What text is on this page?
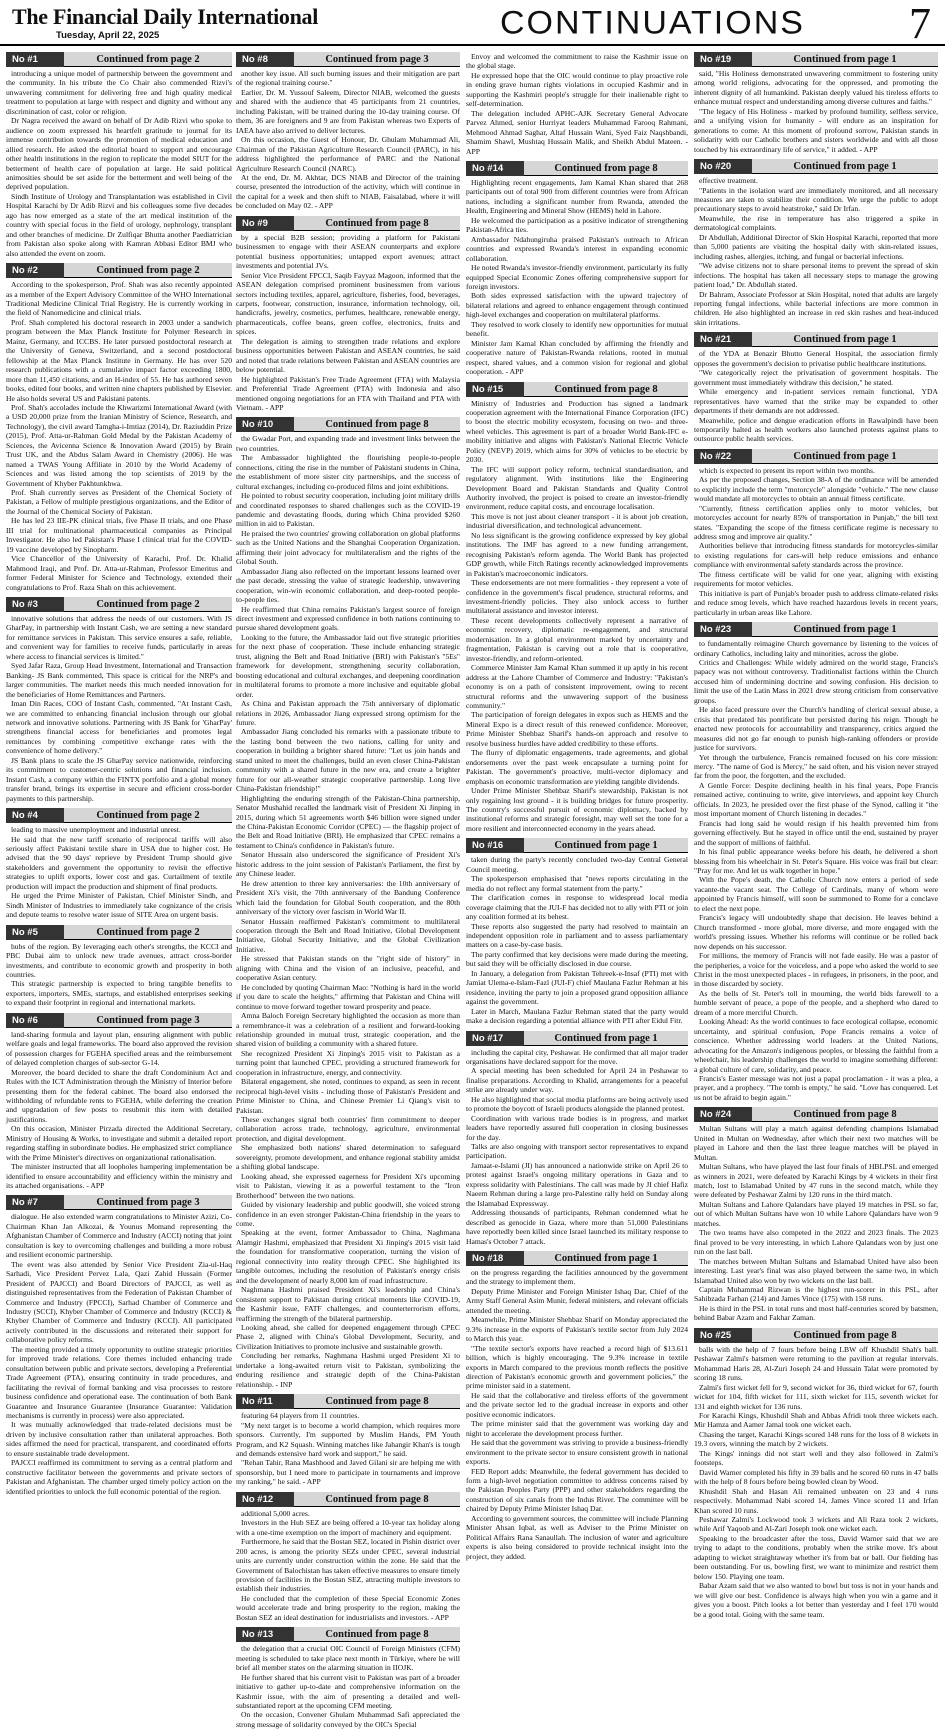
The Financial Daily International
Tuesday, April 22, 2025	CONTINUATIONS 7
No #1	Continued from page 2

introducing a unique model of partnership between the government and the community. In his tribute the Co Chair also commended Rizvi's unwavering commitment for delivering free and high quality medical treatment to population at large with respect and dignity and without any discrimination of cast, color or religion.

Dr Nagra received the award on behalf of Dr Adib Rizvi who spoke to audience on zoom expressed his heartfelt gratitude to journal for its immense contribution towards the promotion of medical education and allied research. He asked the editorial board to support and encourage other health institutions in the region to replicate the model SIUT for the betterment of health care of population at large. He said political animosities should be set aside for the betterment and well being of the deprived population.

Sindh Institute of Urology and Transplantation was established in Civil Hospital Karachi by Dr Adib Rizvi and his colleagues some five decades ago has now emerged as a state of the art medical institution of the country with special focus in the field of urology, nephrology, transplant and other branches of medicine. Dr Zulfiqar Bhutta another Paediatrician from Pakistan also spoke along with Kamran Abbasi Editor BMJ who also attended the event on zoom.

No #2	Continued from page 2

According to the spokesperson, Prof. Shah was also recently appointed as a member of the Expert Advisory Committee of the WHO International Traditional Medicine Clinical Trial Registry. He is currently working in the field of Nanomedicine and clinical trials.

Prof. Shah completed his doctoral research in 2003 under a sandwich program between the Max Planck Institute for Polymer Research in Mainz, Germany, and ICCBS. He later pursued postdoctoral research at the University of Geneva, Switzerland, and a second postdoctoral fellowship at the Max Planck Institute in Germany. He has over 520 research publications with a cumulative impact factor exceeding 1800, more than 11,450 citations, and an H-index of 55. He has authored seven books, edited four books, and written nine chapters published by Elsevier. He also holds several US and Pakistani patents.

Prof. Shah's accolades include the Khwarizmi International Award (with a USD 20,000 prize from the Iranian Ministry of Science, Research, and Technology), the civil award Tamgha-i-Imtiaz (2014), Dr. Raziuddin Prize (2015), Prof. Atta-ur-Rahman Gold Medal by the Pakistan Academy of Sciences, the Avicenna Science & Innovation Award (2015) by Brain Trust UK, and the Abdus Salam Award in Chemistry (2006). He was named a TWAS Young Affiliate in 2010 by the World Academy of Sciences and was listed among the top scientists of 2019 by the Government of Khyber Pakhtunkhwa.

Prof. Shah currently serves as President of the Chemical Society of Pakistan, a Fellow of multiple prestigious organizations, and the Editor of the Journal of the Chemical Society of Pakistan.

He has led 23 IIE-PK clinical trials, five Phase II trials, and one Phase III trial for multinational pharmaceutical companies as Principal Investigator. He also led Pakistan's Phase I clinical trial for the COVID-19 vaccine developed by Sinopharm.

Vice Chancellor of the University of Karachi, Prof. Dr. Khalid Mahmood Iraqi, and Prof. Dr. Atta-ur-Rahman, Professor Emeritus and former Federal Minister for Science and Technology, extended their congratulations to Prof. Raza Shah on this achievement.

No #3	Continued from page 2

innovative solutions that address the needs of our customers. With JS GharPay, in partnership with Instant Cash, we are setting a new standard for remittance services in Pakistan. This service ensures a safe, reliable, and convenient way for families to receive funds, particularly in areas where access to financial services is limited."

Syed Jafar Raza, Group Head Investment, International and Transaction Banking- JS Bank commented, This space is critical for the NRP's and larger communities. The market needs this much needed innovation for the beneficiaries of Home Remittances and Partners.

Iman Din Races, COO of Instant Cash, commented, "At Instant Cash, we are committed to enhancing financial inclusion through our global network and innovative solutions. Partnering with JS Bank for 'GharPay' strengthens financial access for beneficiaries and promotes legal remittances by combining competitive exchange rates with the convenience of home delivery."

JS Bank plans to scale the JS GharPay service nationwide, reinforcing its commitment to customer-centric solutions and financial inclusion. Instant Cash, a company within the FINTX portfolio and a global money transfer brand, brings its expertise in secure and efficient cross-border payments to this partnership.

No #4	Continued from page 2

leading to massive unemployment and industrial unrest.

He said that the new tariff scenario of reciprocal tariffs will also seriously affect Pakistani textile share in USA due to higher cost. He advised that the 90 days' reprieve by President Trump should give stakeholders and government the opportunity to revisit the effective strategies to uplift exports, lower cost and gas. Curtailment of textile production will impact the production and shipment of final products.

He urged the Prime Minister of Pakistan, Chief Minister Sindh, and Sindh Minister of Industries to immediately take cognizance of the crisis and depute teams to resolve water issue of SITE Area on urgent basis.

No #5	Continued from page 2

hubs of the region. By leveraging each other's strengths, the KCCI and PBC Dubai aim to unlock new trade avenues, attract cross-border investments, and contribute to economic growth and prosperity in both countries.

This strategic partnership is expected to bring tangible benefits to exporters, importers, SMEs, startups, and established enterprises seeking to expand their footprint in regional and international markets.

No #6	Continued from page 3

land-sharing formula and layout plan, ensuring alignment with public welfare goals and legal frameworks. The board also approved the revision of possession charges for FGEHA specified areas and the reimbursement of delayed completion charges of sub-sector G-14.

Moreover, the board decided to share the draft Condominium Act and Rules with the ICT Administration through the Ministry of Interior before presenting them for the federal cabinet. The board also endorsed the withholding of refundable rents to FGEHA, while deferring the creation and upgradation of few posts to resubmit this item with detailed justifications.

On this occasion, Minister Pirzada directed the Additional Secretary, Ministry of Housing & Works, to investigate and submit a detailed report regarding staffing in subordinate bodies. He emphasized strict compliance with the Prime Minister's directives on organizational rationalisation.

The minister instructed that all loopholes hampering implementation be identified to ensure accountability and efficiency within the ministry and its attached organisations. - APP

No #7	Continued from page 3

dialogue. He also extended warm congratulations to Minister Azizi, Co-Chairman Khan Jan Alkozai, & Younus Momand representing the Afghanistan Chamber of Commerce and Industry (ACCI) noting that joint consultation is key to overcoming challenges and building a more robust and resilient economic partnership.

The event was also attended by Senior Vice President Zia-ul-Haq Sarhadi, Vice President Pervez Lala, Qazi Zahid Hussain (Former President of PAJCCI) and Board Directors of PAJCCI, as well as distinguished representatives from the Federation of Pakistan Chamber of Commerce and Industry (FPCCI), Sarhad Chamber of Commerce and Industry (SCCI), Khyber Chamber of Commerce and Industry (KCCI) & Khyber Chamber of Commerce and Industry (KCCI). All participated actively contributed in the discussions and reiterated their support for collaborative policy reforms.

The meeting provided a timely opportunity to outline strategic priorities for improved trade relations. Core themes included enhancing trade consultation between public and private sectors, developing a Preferential Trade Agreement (PTA), ensuring continuity in trade procedures, and facilitating the revival of formal banking and visa processes to restore business confidence and operational ease. The continuation of both Bank Guarantee and Insurance Guarantee (Insurance Guarantee: Validation mechanisms is currently in process) were also appreciated.

It was mutually acknowledged that trade-related decisions must be driven by inclusive consultation rather than unilateral approaches. Both sides affirmed the need for practical, transparent, and coordinated efforts to ensure sustainable trade development.

PAJCCI reaffirmed its commitment to serving as a central platform and constructive facilitator between the governments and private sectors of Pakistan and Afghanistan. The chamber urged timely policy action on the identified priorities to unlock the full economic potential of the region.

No #8	Continued from page 3

another key issue. All such burning issues and their mitigation are part of the regional training course."

Earlier, Dr. M. Yussouf Saleem, Director NIAB, welcomed the guests and shared with the audience that 45 participants from 21 countries, including Pakistan, will be trained during the 10-day training course. Of them, 36 are foreigners and 9 are from Pakistan whereas two Experts of IAEA have also arrived to deliver lectures.

On this occasion, the Guest of Honour, Dr. Ghulam Muhammad Ali, Chairman of the Pakistan Agriculture Research Council (PARC), in his address highlighted the performance of PARC and the National Agriculture Research Council (NARC).

At the end, Dr. M. Akhtar, DCS NIAB and Director of the training course, presented the introduction of the activity, which will continue in the capital for a week and then shift to NIAB, Faisalabad, where it will be concluded on May 02. - APP

No #9	Continued from page 8

by a special B2B session; providing a platform for Pakistani businessmen to engage with their ASEAN counterparts and explore potential business opportunities; untapped export avenues; attract investments and potential JVs.

Senior Vice President FPCCI, Saqib Fayyaz Magoon, informed that the ASEAN delegation comprised prominent businessmen from various sectors including textiles, apparel, agriculture, fisheries, food, beverages, carpets, footwear, construction, insurance, information technology, oil, handicrafts, jewelry, cosmetics, perfumes, healthcare, renewable energy, pharmaceuticals, coffee beans, green coffee, electronics, fruits and spices.

The delegation is aiming to strengthen trade relations and explore business opportunities between Pakistan and ASEAN countries, he said and noted that trade relations between Pakistan and ASEAN countries are below potential.

He highlighted Pakistan's Free Trade Agreement (FTA) with Malaysia and Preferential Trade Agreement (PTA) with Indonesia and also mentioned ongoing negotiations for an FTA with Thailand and PTA with Vietnam. - APP

No #10	Continued from page 8

the Gwadar Port, and expanding trade and investment links between the two countries.

The Ambassador highlighted the flourishing people-to-people connections, citing the rise in the number of Pakistani students in China, the establishment of more sister city partnerships, and the success of cultural exchanges, including co-produced films and joint exhibitions.

He pointed to robust security cooperation, including joint military drills and coordinated responses to shared challenges such as the COVID-19 pandemic and devastating floods, during which China provided $260 million in aid to Pakistan.

He praised the two countries' growing collaboration on global platforms such as the United Nations and the Shanghai Cooperation Organization, affirming their joint advocacy for multilateralism and the rights of the Global South.

Ambassador Jiang also reflected on the important lessons learned over the past decade, stressing the value of strategic leadership, unwavering cooperation, win-win economic collaboration, and deep-rooted people-to-people ties.

He reaffirmed that China remains Pakistan's largest source of foreign direct investment and expressed confidence in both nations continuing to pursue shared development goals.

Looking to the future, the Ambassador laid out five strategic priorities for the next phase of cooperation. These include enhancing strategic trust, aligning the Belt and Road Initiative (BRI) with Pakistan's "5Es" framework for development, strengthening security collaboration, boosting educational and cultural exchanges, and deepening coordination in multilateral forums to promote a more inclusive and equitable global order.

As China and Pakistan approach the 75th anniversary of diplomatic relations in 2026, Ambassador Jiang expressed strong optimism for the future.

Ambassador Jiang concluded his remarks with a passionate tribute to the lasting bond between the two nations, calling for unity and cooperation in building a brighter shared future: "Let us join hands and stand united to meet the challenges, build an even closer China-Pakistan community with a shared future in the new era, and create a brighter future for our all-weather strategic cooperative partnership. Long live China-Pakistan friendship!"

Highlighting the enduring strength of the Pakistan-China partnership, Senator Mushahid recalled the landmark visit of President Xi Jinping in 2015, during which 51 agreements worth $46 billion were signed under the China-Pakistan Economic Corridor (CPEC) — the flagship project of the Belt and Road Initiative (BRI). He emphasized that CPEC remains a testament to China's confidence in Pakistan's future.

Senator Hussain also underscored the significance of President Xi's historic address to the joint session of Pakistan's Parliament, the first by any Chinese leader.

He drew attention to three key anniversaries: the 10th anniversary of President Xi's visit, the 70th anniversary of the Bandung Conference which laid the foundation for Global South cooperation, and the 80th anniversary of the victory over fascism in World War II.

Senator Hussain reaffirmed Pakistan's commitment to multilateral cooperation through the Belt and Road Initiative, Global Development Initiative, Global Security Initiative, and the Global Civilization Initiative.

He stressed that Pakistan stands on the "right side of history" in aligning with China and the vision of an inclusive, peaceful, and cooperative Asian century.

He concluded by quoting Chairman Mao: "Nothing is hard in the world if you dare to scale the heights," affirming that Pakistan and China will continue to move forward together toward prosperity and peace.

Amna Baloch Foreign Secretary highlighted the occasion as more than a remembrance-it was a celebration of a resilient and forward-looking relationship grounded in mutual trust, strategic cooperation, and the shared vision of building a community with a shared future.

She recognized President Xi Jinping's 2015 visit to Pakistan as a turning point that launched CPEC, providing a structured framework for cooperation in infrastructure, energy, and connectivity.

Bilateral engagement, she noted, continues to expand, as seen in recent reciprocal high-level visits - including those of Pakistan's President and Prime Minister to China, and Chinese Premier Li Qiang's visit to Pakistan.

These exchanges signal both countries' firm commitment to deeper collaboration across trade, technology, agriculture, environmental protection, and digital development.

She emphasized both nations' shared determination to safeguard sovereignty, promote development, and enhance regional stability amidst a shifting global landscape.

Looking ahead, she expressed eagerness for President Xi's upcoming visit to Pakistan, viewing it as a powerful testament to the "Iron Brotherhood" between the two nations.

Guided by visionary leadership and public goodwill, she voiced strong confidence in an even stronger Pakistan-China friendship in the years to come.

Speaking at the event, former Ambassador to China, Naghmana Alamgir Hashmi, emphasized that President Xi Jinping's 2015 visit laid the foundation for transformative cooperation, turning the vision of regional connectivity into reality through CPEC. She highlighted its tangible outcomes, including the resolution of Pakistan's energy crisis and the development of nearly 8,000 km of road infrastructure.

Naghmana Hashmi praised President Xi's leadership and China's consistent support to Pakistan during critical moments like COVID-19, the Kashmir issue, FATF challenges, and counterterrorism efforts, reaffirming the strength of the bilateral partnership.

Looking ahead, she called for deepened engagement through CPEC Phase 2, aligned with China's Global Development, Security, and Civilization Initiatives to promote inclusive and sustainable growth.

Concluding her remarks, Naghmana Hashmi urged President Xi to undertake a long-awaited return visit to Pakistan, symbolizing the enduring resilience and strategic depth of the China-Pakistan relationship. - INP

No #11	Continued from page 8

featuring 64 players from 11 countries.

"My next target is to become a world champion, which requires more sponsors. Currently, I'm supported by Muslim Hands, PM Youth Program, and K2 Squash. Winning matches like Jahangir Khan's is tough and demands extensive hard work and support," he said.

"Rehan Tahir, Rana Mashhood and Javed Gilani sir are helping me with sponsorship, but I need more to participate in tournaments and improve my ranking," he said. - APP

No #12	Continued from page 8

additional 5,000 acres.

Investors in the Hub SEZ are being offered a 10-year tax holiday along with a one-time exemption on the import of machinery and equipment.

Furthermore, he said that the Bostan SEZ, located in Pishin district over 200 acres, is among the priority SEZs under CPEC, several industrial units are currently under construction within the zone. He said that the Government of Balochistan has taken effective measures to ensure timely provision of facilities in the Bostan SEZ, attracting multiple investors to establish their industries.

He concluded that the completion of these Special Economic Zones would accelerate trade and bring prosperity to the region, making the Bostan SEZ an ideal destination for industrialists and investors. - APP

No #13	Continued from page 8

the delegation that a crucial OIC Council of Foreign Ministers (CFM) meeting is scheduled to take place next month in Türkiye, where he will brief all member states on the alarming situation in IIOJK.

He further shared that his current visit to Pakistan was part of a broader initiative to gather up-to-date and comprehensive information on the Kashmir issue, with the aim of presenting a detailed and well-substantiated report at the upcoming CFM meeting.

On the occasion, Convener Ghulam Muhammad Safi appreciated the strong message of solidarity conveyed by the OIC's Special

Envoy and welcomed the commitment to raise the Kashmir issue on the global stage.

He expressed hope that the OIC would continue to play proactive role in ending grave human rights violations in occupied Kashmir and in supporting the Kashmiri people's struggle for their inalienable right to self-determination.

The delegation included APHC-AJK Secretary General Advocate Parvez Ahmed, senior Hurriyat leaders Muhammad Farooq Rahmani, Mehmood Ahmad Saghar, Altaf Hussain Wani, Syed Faiz Naqshbandi, Shamim Shawl, Mushtaq Hussain Malik, and Sheikh Abdul Mateen. - APP

No #14	Continued from page 8

Highlighting recent engagements, Jam Kamal Khan shared that 268 participants out of total 900 from different countries were from African nations, including a significant number from Rwanda, attended the Health, Engineering and Mineral Show (HEMS) held in Lahore.

He welcomed the participation as a positive indicator of strengthening Pakistan-Africa ties.

Ambassador Ndahungiruha praised Pakistan's outreach to African countries and expressed Rwanda's interest in expanding economic collaboration.

He noted Rwanda's investor-friendly environment, particularly its fully equipped Special Economic Zones offering comprehensive support for foreign investors.

Both sides expressed satisfaction with the upward trajectory of bilateral relations and agreed to enhance engagement through continued high-level exchanges and cooperation on multilateral platforms.

They resolved to work closely to identify new opportunities for mutual benefit.

Minister Jam Kamal Khan concluded by affirming the friendly and cooperative nature of Pakistan-Rwanda relations, rooted in mutual respect, shared values, and a common vision for regional and global cooperation. - APP

No #15	Continued from page 8

Ministry of Industries and Production has signed a landmark cooperation agreement with the International Finance Corporation (IFC) to boost the electric mobility ecosystem, focusing on two- and three-wheel vehicles. This agreement is part of a broader World Bank-IFC e-mobility initiative and aligns with Pakistan's National Electric Vehicle Policy (NEVP) 2019, which aims for 30% of vehicles to be electric by 2030.

The IFC will support policy reform, technical standardisation, and regulatory alignment. With institutions like the Engineering Development Board and Pakistan Standards and Quality Control Authority involved, the project is poised to create an investor-friendly environment, reduce capital costs, and encourage localisation.

This move is not just about cleaner transport - it is about job creation, industrial diversification, and technological advancement.

No less significant is the growing confidence expressed by key global institutions. The IMF has agreed to a new funding arrangement, recognising Pakistan's reform agenda. The World Bank has projected GDP growth, while Fitch Ratings recently acknowledged improvements in Pakistan's macroeconomic indicators.

These endorsements are not mere formalities - they represent a vote of confidence in the government's fiscal prudence, structural reforms, and investment-friendly policies. They also unlock access to further multilateral assistance and investor interest.

These recent developments collectively represent a narrative of economic recovery, diplomatic re-engagement, and structural modernisation. In a global environment marked by uncertainty and fragmentation, Pakistan is carving out a role that is cooperative, investor-friendly, and reform-oriented.

Commerce Minister Jam Kamal Khan summed it up aptly in his recent address at the Lahore Chamber of Commerce and Industry: "Pakistan's economy is on a path of consistent improvement, owing to recent structural reforms and the unwavering support of the business community."

The participation of foreign delegates in expos such as HEMS and the Mineral Expo is a direct result of this renewed confidence. Moreover, Prime Minister Shehbaz Sharif's hands-on approach and resolve to resolve business hurdles have added credibility to these efforts.

The flurry of diplomatic engagements, trade agreements, and global endorsements over the past week encapsulate a turning point for Pakistan. The government's proactive, multi-vector diplomacy and emphasis on economic transformation are yielding tangible dividends.

Under Prime Minister Shehbaz Sharif's stewardship, Pakistan is not only regaining lost ground - it is building bridges for future prosperity. The country's successful pursuit of economic diplomacy, backed by institutional reforms and strategic foresight, may well set the tone for a more resilient and interconnected economy in the years ahead.

No #16	Continued from page 1

taken during the party's recently concluded two-day Central General Council meeting.

The spokesperson emphasised that "news reports circulating in the media do not reflect any formal statement from the party."

The clarification comes in response to widespread local media coverage claiming that the JUI-F has decided not to ally with PTI or join any coalition formed at its behest.

These reports also suggested the party had resolved to maintain an independent opposition role in parliament and to assess parliamentary matters on a case-by-case basis.

The party confirmed that key decisions were made during the meeting, but said they will be officially disclosed in due course.

In January, a delegation from Pakistan Tehreek-e-Insaf (PTI) met with Jamiat Ulema-e-Islam-Fazl (JUI-F) chief Maulana Fazlur Rehman at his residence, inviting the party to join a proposed grand opposition alliance against the government.

Later in March, Maulana Fazlur Rehman stated that the party would make a decision regarding a potential alliance with PTI after Eidul Fitr.

No #17	Continued from page 1

including the capital city, Peshawar. He confirmed that all major trader organisations have declared support for the move.

A special meeting has been scheduled for April 24 in Peshawar to finalise preparations. According to Khalid, arrangements for a peaceful strike are already under way.

He also highlighted that social media platforms are being actively used to promote the boycott of Israeli products alongside the planned protest.

Coordination with various trade bodies is in progress, and market leaders have reportedly assured full cooperation in closing businesses for the day.

Talks are also ongoing with transport sector representatives to expand participation.

Jamaat-e-Islami (JI) has announced a nationwide strike on April 26 to protest against Israel's ongoing military operations in Gaza and to express solidarity with Palestinians. The call was made by JI chief Hafiz Naeem Rehman during a large pro-Palestine rally held on Sunday along the Islamabad Expressway.

Addressing thousands of participants, Rehman condemned what he described as genocide in Gaza, where more than 51,000 Palestinians have reportedly been killed since Israel launched its military response to Hamas's October 7 attack.

No #18	Continued from page 1

on the progress regarding the facilities announced by the government and the strategy to implement them.

Deputy Prime Minister and Foreign Minister Ishaq Dar, Chief of the Army Staff General Asim Munir, federal ministers, and relevant officials attended the meeting.

Meanwhile, Prime Minister Shehbaz Sharif on Monday appreciated the 9.3% increase in the exports of Pakistan's textile sector from July 2024 to March this year.

"The textile sector's exports have reached a record high of $13.611 billion, which is highly encouraging. The 9.3% increase in textile exports in March compared to the previous month reflects the positive direction of Pakistan's economic growth and government policies," the prime minister said in a statement.

He said that the collaborative and tireless efforts of the government and the private sector led to the gradual increase in exports and other positive economic indicators.

The prime minister said that the government was working day and night to accelerate the development process further.

He said that the government was striving to provide a business-friendly environment to the private sector to ensure consistent growth in national exports.

FED Report adds: Meanwhile, the federal government has decided to form a high-level negotiation committee to address concerns raised by the Pakistan Peoples Party (PPP) and other stakeholders regarding the construction of six canals from the Indus River. The committee will be chaired by Deputy Prime Minister Ishaq Dar.

According to government sources, the committee will include Planning Minister Ahsan Iqbal, as well as Adviser to the Prime Minister on Political Affairs Rana Sanaullah. The inclusion of water and agriculture experts is also being considered to provide technical insight into the project, they added.

No #19	Continued from page 1

said, "His Holiness demonstrated unwavering commitment to fostering unity among world religions, advocating for the oppressed, and promoting the inherent dignity of all humankind. Pakistan deeply valued his tireless efforts to enhance mutual respect and understanding among diverse cultures and faiths."

"The legacy of His Holiness - marked by profound humility, selfless service, and a unifying vision for humanity - will endure as an inspiration for generations to come. At this moment of profound sorrow, Pakistan stands in solidarity with our Catholic brothers and sisters worldwide and with all those touched by his extraordinary life of service," it added. - APP

No #20	Continued from page 1

effective treatment.

"Patients in the isolation ward are immediately monitored, and all necessary measures are taken to stabilize their condition. We urge the public to adopt precautionary steps to avoid heatstroke," said Dr Irfan.

Meanwhile, the rise in temperature has also triggered a spike in dermatological complaints.

Dr Abdullah, Additional Director of Skin Hospital Karachi, reported that more than 5,000 patients are visiting the hospital daily with skin-related issues, including rashes, allergies, itching, and fungal or bacterial infections.

"We advise citizens not to share personal items to prevent the spread of skin infections. The hospital has taken all necessary steps to manage the growing patient load," Dr. Abdullah stated.

Dr Bahram, Associate Professor at Skin Hospital, noted that adults are largely reporting fungal infections, while bacterial infections are more common in children. He also highlighted an increase in red skin rashes and heat-induced skin irritations.

No #21	Continued from page 1

of the YDA at Benazir Bhutto General Hospital, the association firmly opposes the government's decision to privatise public healthcare institutions.

"We categorically reject the privatisation of government hospitals. The government must immediately withdraw this decision," he stated.

While emergency and in-patient services remain functional, YDA representatives have warned that the strike may be expanded to other departments if their demands are not addressed.

Meanwhile, police and dengue eradication efforts in Rawalpindi have been temporarily halted as health workers also launched protests against plans to outsource public health services.

No #22	Continued from page 1

which is expected to present its report within two months.

As per the proposed changes, Section 38-A of the ordinance will be amended to explicitly include the term "motorcycle" alongside "vehicle." The new clause would mandate all motorcycles to obtain an annual fitness certificate.

"Currently, fitness certification applies only to motor vehicles, but motorcycles account for nearly 85% of transportation in Punjab," the bill text states. "Expanding the scope of the fitness certificate regime is necessary to address smog and improve air quality."

Authorities believe that introducing fitness standards for motorcycles-similar to existing regulations for cars-will help reduce emissions and enhance compliance with environmental safety standards across the province.

The fitness certificate will be valid for one year, aligning with existing requirements for motor vehicles.

This initiative is part of Punjab's broader push to address climate-related risks and reduce smog levels, which have reached hazardous levels in recent years, particularly in urban areas like Lahore.

No #23	Continued from page 1

to fundamentally reimagine Church governance by listening to the voices of ordinary Catholics, including laity and minorities, across the globe.

Critics and Challenges: While widely admired on the world stage, Francis's papacy was not without controversy. Traditionalist factions within the Church accused him of undermining doctrine and sowing confusion. His decision to limit the use of the Latin Mass in 2021 drew strong criticism from conservative groups.

He also faced pressure over the Church's handling of clerical sexual abuse, a crisis that predated his pontificate but persisted during his reign. Though he enacted new protocols for accountability and transparency, critics argued the measures did not go far enough to punish high-ranking offenders or provide justice for survivors.

Yet through the turbulence, Francis remained focused on his core mission: mercy. "The name of God is Mercy," he said often, and his vision never strayed far from the poor, the forgotten, and the excluded.

A Gentle Force: Despite declining health in his final years, Pope Francis remained active, continuing to write, give interviews, and appoint key Church officials. In 2023, he presided over the first phase of the Synod, calling it "the most important moment of Church listening in decades."

Francis had long said he would resign if his health prevented him from governing effectively. But he stayed in office until the end, sustained by prayer and the support of millions of faithful.

In his final public appearance weeks before his death, he delivered a short blessing from his wheelchair in St. Peter's Square. His voice was frail but clear: "Pray for me. And let us walk together in hope."

With the Pope's death, the Catholic Church now enters a period of sede vacante-the vacant seat. The College of Cardinals, many of whom were appointed by Francis himself, will soon be summoned to Rome for a conclave to elect the next pope.

Francis's legacy will undoubtedly shape that decision. He leaves behind a Church transformed - more global, more diverse, and more engaged with the world's pressing issues. Whether his reforms will continue or be rolled back now depends on his successor.

For millions, the memory of Francis will not fade easily. He was a pastor of the peripheries, a voice for the voiceless, and a pope who asked the world to see Christ in the most unexpected places - in refugees, in prisoners, in the poor, and in those discarded by society.

As the bells of St. Peter's toll in mourning, the world bids farewell to a humble servant of peace, a pope of the people, and a shepherd who dared to dream of a more merciful Church.

Looking Ahead: As the world continues to face ecological collapse, economic uncertainty, and spiritual confusion, Pope Francis remains a voice of conscience. Whether addressing world leaders at the United Nations, advocating for the Amazon's indigenous peoples, or blessing the faithful from a wheelchair, his leadership challenges the world to imagine something different: a global culture of care, solidarity, and peace.

Francis's Easter message was not just a papal proclamation - it was a plea, a prayer, and a prophecy. "The tomb is empty," he said. "Love has conquered. Let us not be afraid to begin again."

No #24	Continued from page 8

Multan Sultans will play a match against defending champions Islamabad United in Multan on Wednesday, after which their next two matches will be played in Lahore and then the last three league matches will be played in Multan.

Multan Sultans, who have played the last four finals of HBLPSL and emerged as winners in 2021, were defeated by Karachi Kings by 4 wickets in their first match, lost to Islamabad United by 47 runs in the second match, while they were defeated by Peshawar Zalmi by 120 runs in the third match.

Multan Sultans and Lahore Qalandars have played 19 matches in PSL so far, out of which Multan Sultans have won 10 while Lahore Qalandars have won 9 matches.

The two teams have also competed in the 2022 and 2023 finals. The 2023 final proved to be very interesting, in which Lahore Qalandars won by just one run on the last ball.

The matches between Multan Sultans and Islamabad United have also been interesting. Last year's final was also played between the same two, in which Islamabad United also won by two wickets on the last ball.

Captain Muhammad Rizwan is the highest run-scorer in this PSL, after Sahibzada Farhan (214) and James Vince (175) with 158 runs.

He is third in the PSL in total runs and most half-centuries scored by batsmen, behind Babar Azam and Fakhar Zaman.

No #25	Continued from page 8

balls with the help of 7 fours before being LBW off Khushdil Shah's ball. Peshawar Zalmi's batsmen were returning to the pavilion at regular intervals. Mohammad Haris 28, Al-Zuri Joseph 24 and Hussain Talat were promoted by scoring 18 runs.

Zalmi's first wicket fell for 9, second wicket for 36, third wicket for 67, fourth wicket for 104, fifth wicket for 111, sixth wicket for 115, seventh wicket for 131 and eighth wicket for 136 runs.

For Karachi Kings, Khushdil Shah and Abbas Afridi took three wickets each. Mir Hamza and Aamer Jamal took one wicket each.

Chasing the target, Karachi Kings scored 148 runs for the loss of 8 wickets in 19.3 overs, winning the match by 2 wickets.

The Kings' innings did not start well and they also followed in Zalmi's footsteps.

David Warner completed his fifty in 39 balls and he scored 60 runs in 47 balls with the help of 8 fours before being bowled clean by Wood.

Khushdil Shah and Hasan Ali remained unbeaten on 23 and 4 runs respectively. Mohammad Nabi scored 14, James Vince scored 11 and Irfan Khan scored 10 runs.

Peshawar Zalmi's Lockwood took 3 wickets and Ali Raza took 2 wickets, while Arif Yaqoob and Al-Zari Joseph took one wicket each.

Speaking to the broadcaster after the toss, David Warner said that we are trying to adapt to the conditions, probably when the strike move. It's about adapting to wicket straightaway whether it's from bat or ball. Our fielding has been outstanding. For us, bowling first, we want to minimize and restrict them below 150. Playing one team.

Babar Azam said that we also wanted to bowl but toss is not in your hands and we will give our best. Confidence is always high when you win a game and it gives you a boost. Pitch looks a lot better than yesterday and I feel 170 would be a good total. Going with the same team.
